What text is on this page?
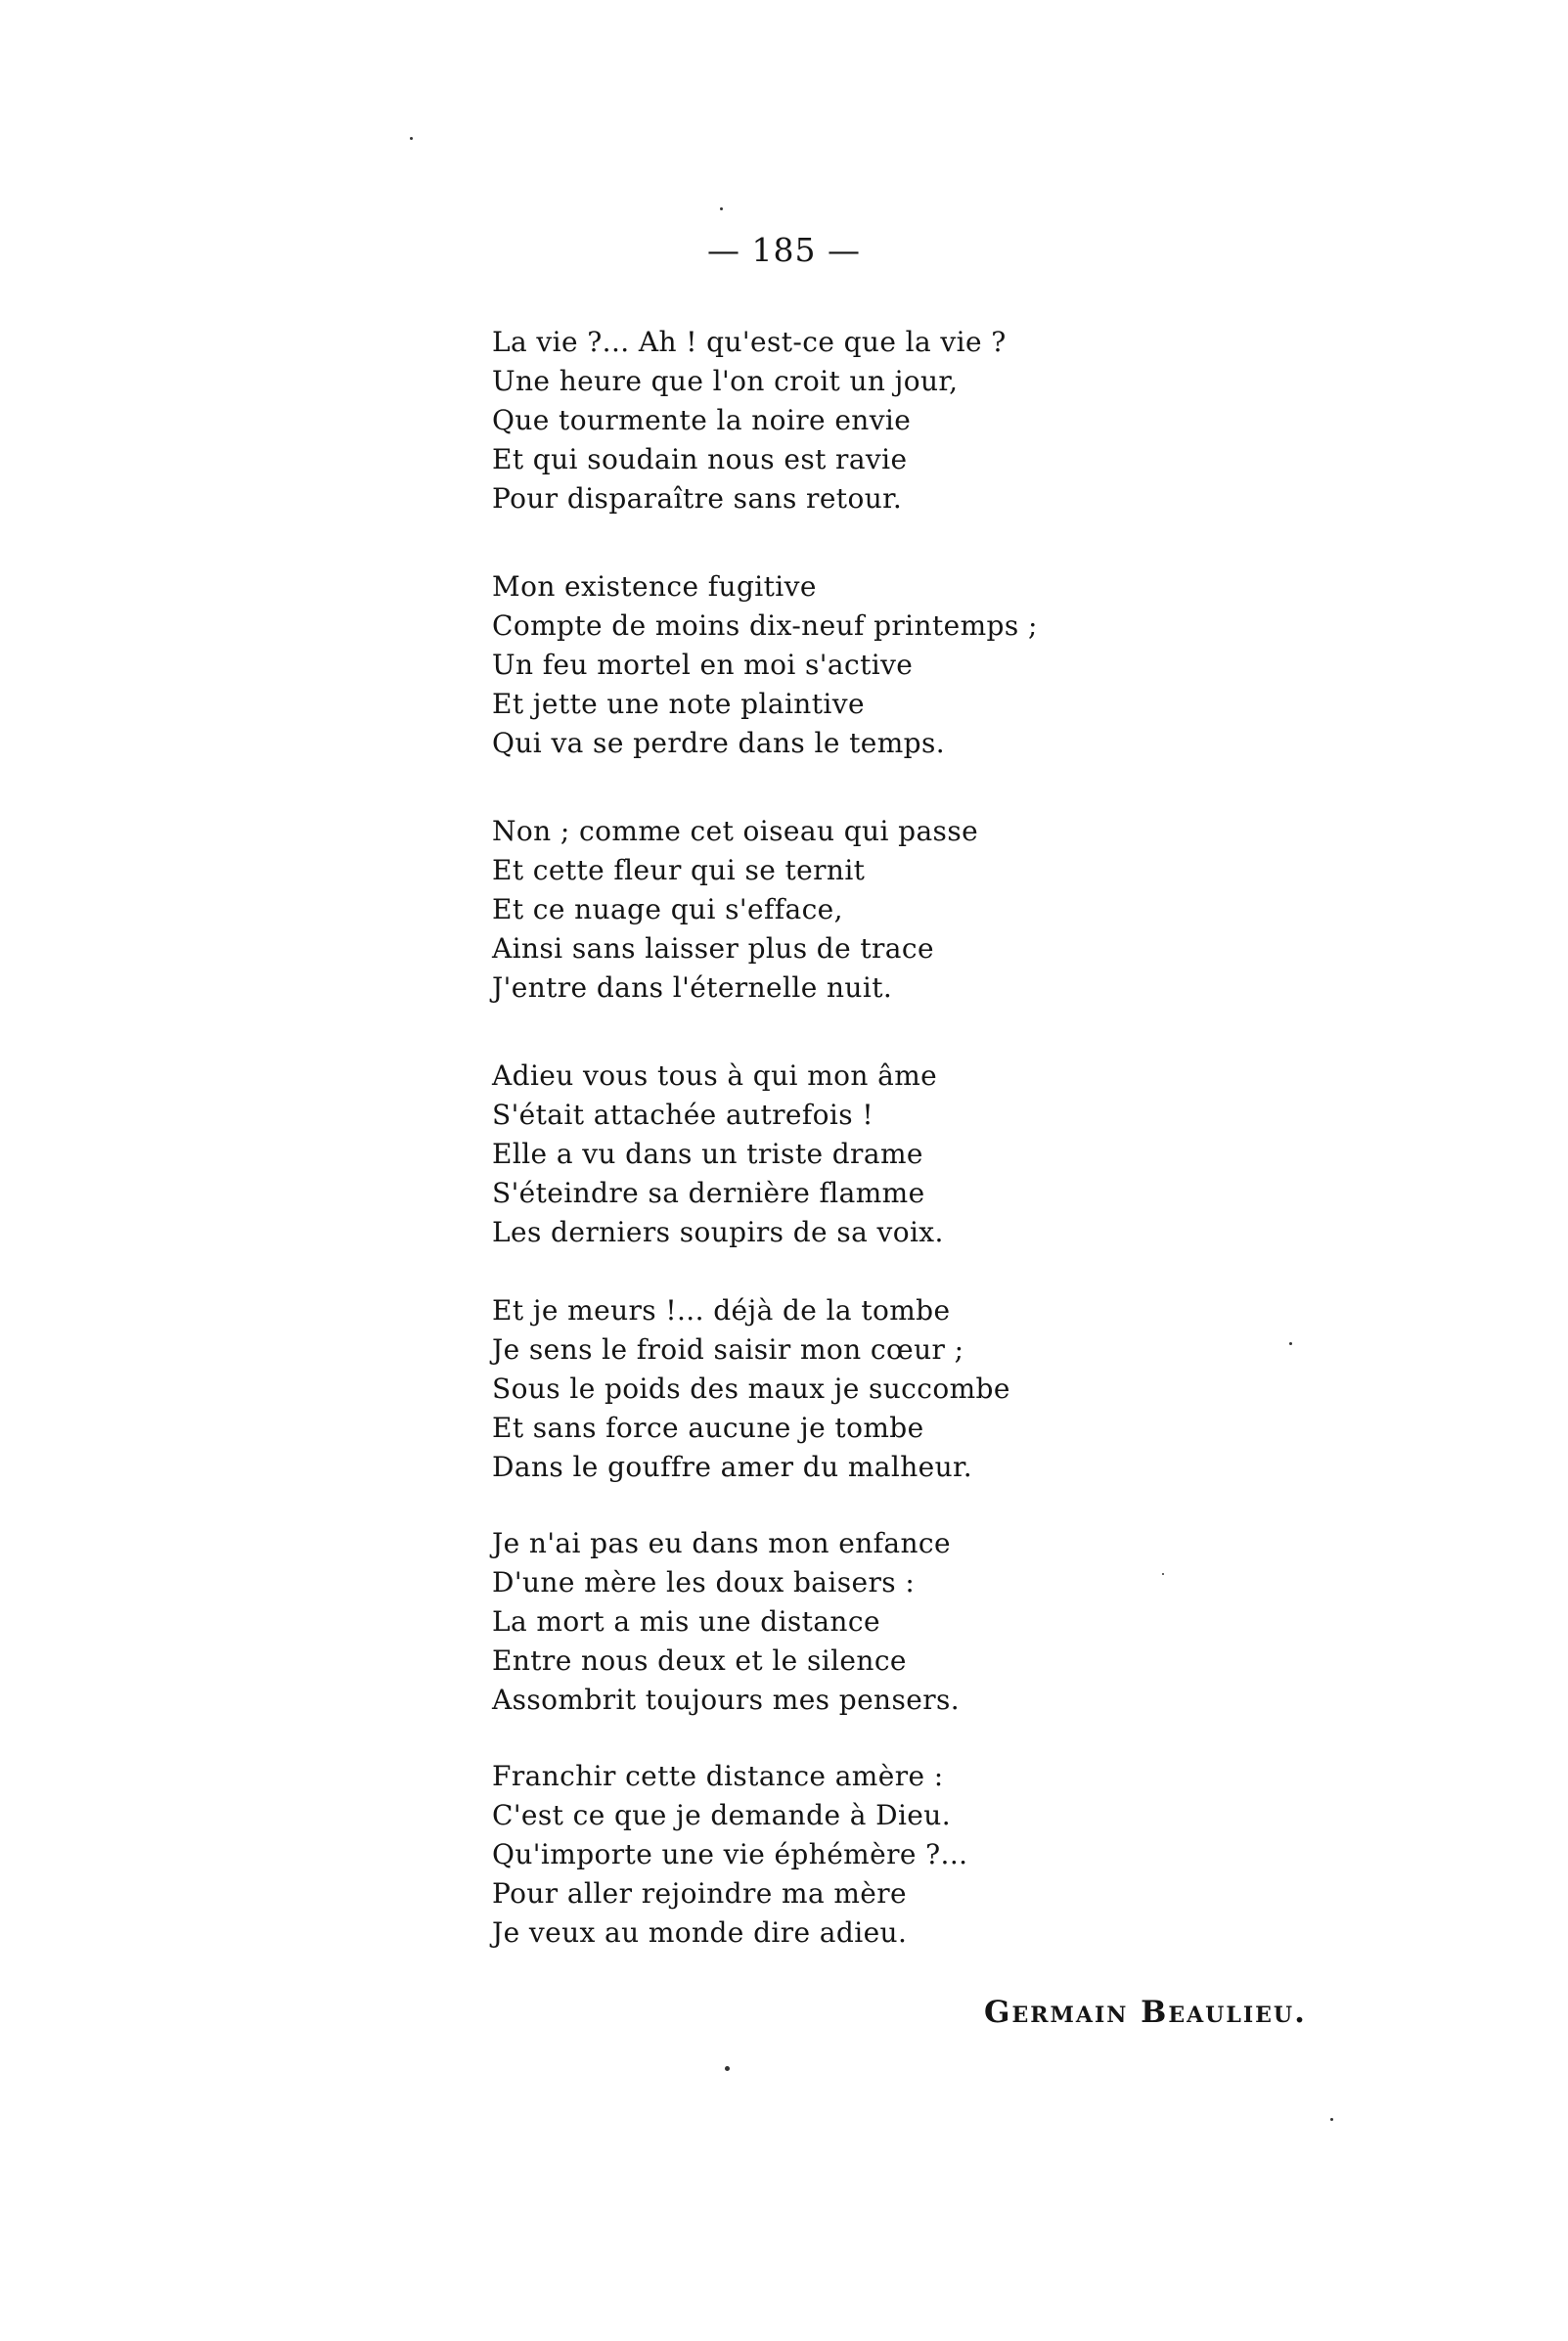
— 185 —
La vie ?... Ah ! qu'est-ce que la vie ?
Une heure que l'on croit un jour,
Que tourmente la noire envie
Et qui soudain nous est ravie
Pour disparaître sans retour.
Mon existence fugitive
Compte de moins dix-neuf printemps ;
Un feu mortel en moi s'active
Et jette une note plaintive
Qui va se perdre dans le temps.
Non ; comme cet oiseau qui passe
Et cette fleur qui se ternit
Et ce nuage qui s'efface,
Ainsi sans laisser plus de trace
J'entre dans l'éternelle nuit.
Adieu vous tous à qui mon âme
S'était attachée autrefois !
Elle a vu dans un triste drame
S'éteindre sa dernière flamme
Les derniers soupirs de sa voix.
Et je meurs !... déjà de la tombe
Je sens le froid saisir mon cœur ;
Sous le poids des maux je succombe
Et sans force aucune je tombe
Dans le gouffre amer du malheur.
Je n'ai pas eu dans mon enfance
D'une mère les doux baisers :
La mort a mis une distance
Entre nous deux et le silence
Assombrit toujours mes pensers.
Franchir cette distance amère :
C'est ce que je demande à Dieu.
Qu'importe une vie éphémère ?...
Pour aller rejoindre ma mère
Je veux au monde dire adieu.
Germain Beaulieu.
